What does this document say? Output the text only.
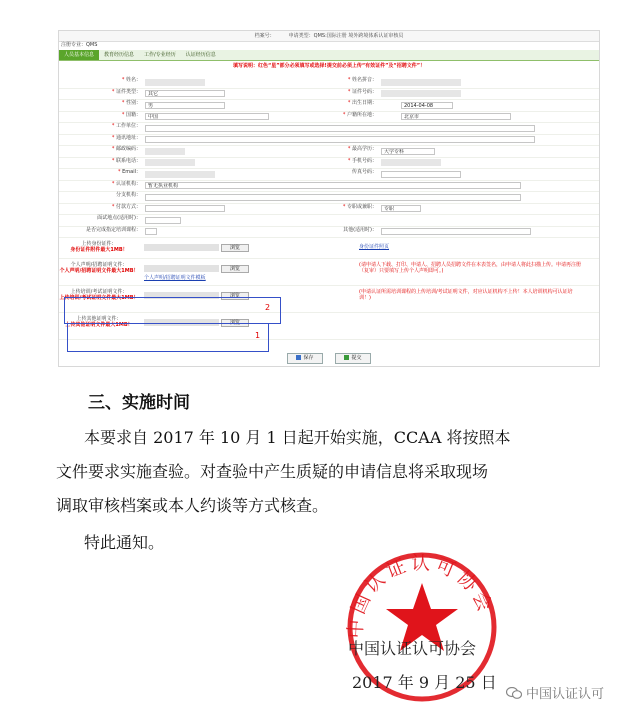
档案号：	申请类型：QMS:国际注册 境外跨境体系认证审核员
注册专业：QMS
人员基本信息	教育经历信息	工作/专业经历	认证经历信息
填写说明：红色“星”部分必须填写或选择!提交前必须上传“有效证件”及“招聘文件”！
* 姓名：	* 姓名拼音：
* 证件类型：	其它	* 证件号码：
* 性别：	男	* 出生日期：	2014-04-08
* 国籍：	中国	* 户籍所在地：	北京市
* 工作单位：
* 通讯地址：
* 邮政编码：	* 最高学历：	大学专科
* 联系电话：	* 手机号码：
* Email：	传真号码：
* 认证机构：	暂无执业机构
分支机构：
* 付款方式：	* 专职或兼职：	专职
面试地点(适用时)：
是否完成指定培训课程：	其他(适用时)：
上传身份证件：
身份证件附件最大1MB！	浏览	身份证件照页
个人声明/招聘证明文件：
个人声明/招聘证明文件最大1MB！	浏览
个人声明/招聘证明文件模板
(请申请人下载、打印、申请人、招聘人员招聘文件在本表签名，由申请人将此扫描上传。申请再注册（复审）只要填写上传个人声明即可。)
上传培训/考试证明文件：
上传培训/考试证明文件最大1MB！	浏览
(申请认证所需培训课程的上传培训/考试证明文件，对应认证机构不上传！本人培训机构可认证培训！)
上传其他证明文件：
上传其他证明文件最大1MB！	浏览
2
1
保存	提交
三、实施时间
本要求自 2017 年 10 月 1 日起开始实施，CCAA 将按照本
文件要求实施查验。对查验中产生质疑的申请信息将采取现场
调取审核档案或本人约谈等方式核查。
特此通知。
中国认证认可协会
中国认证认可协会
2017 年 9 月 25 日
中国认证认可
